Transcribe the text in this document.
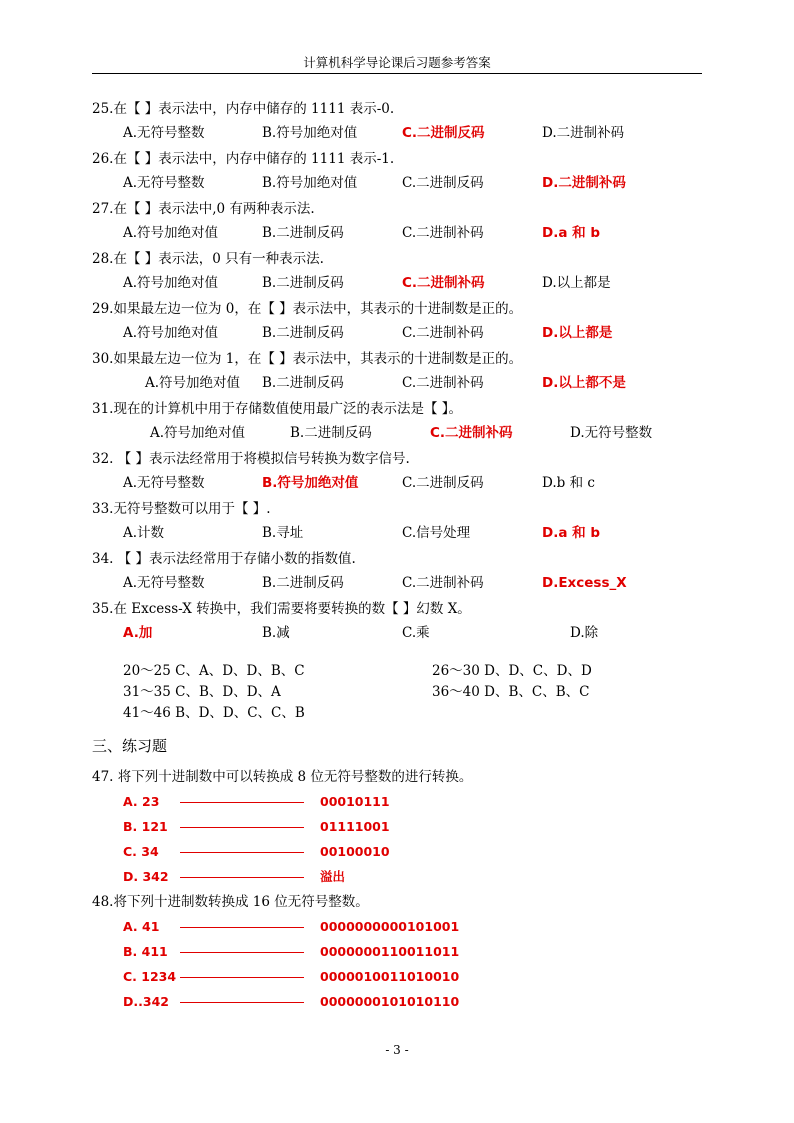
计算机科学导论课后习题参考答案
25.在【 】表示法中，内存中储存的 1111 表示-0.
A.无符号整数	B.符号加绝对值	C.二进制反码	D.二进制补码
26.在【 】表示法中，内存中储存的 1111 表示-1.
A.无符号整数	B.符号加绝对值	C.二进制反码	D.二进制补码
27.在【 】表示法中,0 有两种表示法.
A.符号加绝对值	B.二进制反码	C.二进制补码	D.a 和 b
28.在【 】表示法，0 只有一种表示法.
A.符号加绝对值	B.二进制反码	C.二进制补码	D.以上都是
29.如果最左边一位为 0，在【 】表示法中，其表示的十进制数是正的。
A.符号加绝对值	B.二进制反码	C.二进制补码	D.以上都是
30.如果最左边一位为 1，在【 】表示法中，其表示的十进制数是正的。
A.符号加绝对值 B.二进制反码	C.二进制补码	D.以上都不是
31.现在的计算机中用于存储数值使用最广泛的表示法是【 】。
A.符号加绝对值	B.二进制反码	C.二进制补码	D.无符号整数
32. 【 】表示法经常用于将模拟信号转换为数字信号.
A.无符号整数	B.符号加绝对值	C.二进制反码	D.b 和 c
33.无符号整数可以用于【 】.
A.计数	B.寻址	C.信号处理	D.a 和 b
34. 【 】表示法经常用于存储小数的指数值.
A.无符号整数	B.二进制反码	C.二进制补码	D.Excess_X
35.在 Excess-X 转换中，我们需要将要转换的数【 】幻数 X。
A.加	B.减	C.乘	D.除
20～25 C、A、D、D、B、C	26～30 D、D、C、D、D
31～35 C、B、D、D、A	36～40 D、B、C、B、C
41～46 B、D、D、C、C、B
三、练习题
47. 将下列十进制数中可以转换成 8 位无符号整数的进行转换。
A. 23	00010111
B. 121	01111001
C. 34	00100010
D. 342	溢出
48.将下列十进制数转换成 16 位无符号整数。
A. 41	0000000000101001
B. 411	0000000110011011
C. 1234	0000010011010010
D..342	0000000101010110
- 3 -
